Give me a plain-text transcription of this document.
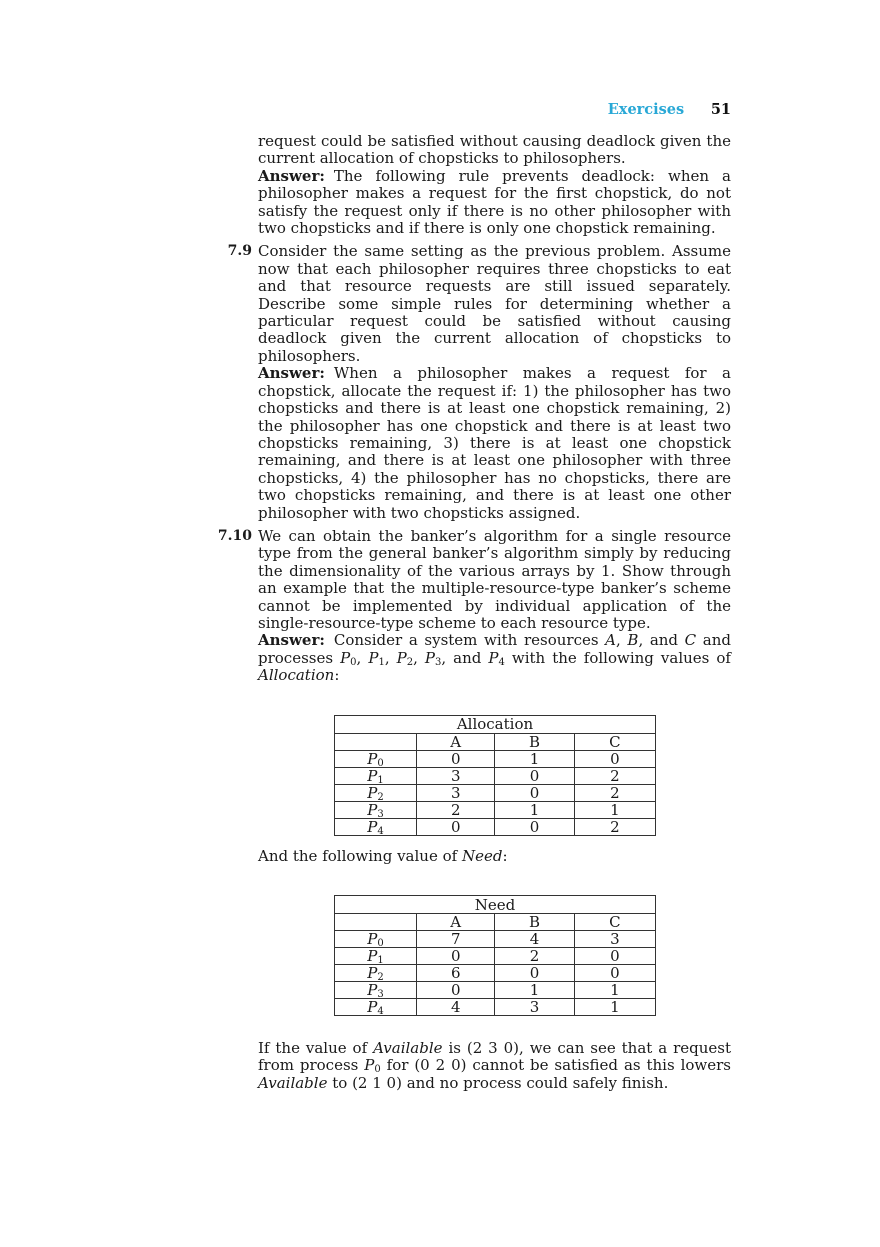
Exercises 51

request could be satisfied without causing deadlock given the current allocation of chopsticks to philosophers.

Answer: The following rule prevents deadlock: when a philosopher makes a request for the first chopstick, do not satisfy the request only if there is no other philosopher with two chopsticks and if there is only one chopstick remaining.

7.9 Consider the same setting as the previous problem. Assume now that each philosopher requires three chopsticks to eat and that resource requests are still issued separately. Describe some simple rules for determining whether a particular request could be satisfied without causing deadlock given the current allocation of chopsticks to philosophers.

Answer: When a philosopher makes a request for a chopstick, allocate the request if: 1) the philosopher has two chopsticks and there is at least one chopstick remaining, 2) the philosopher has one chopstick and there is at least two chopsticks remaining, 3) there is at least one chopstick remaining, and there is at least one philosopher with three chopsticks, 4) the philosopher has no chopsticks, there are two chopsticks remaining, and there is at least one other philosopher with two chopsticks assigned.

7.10 We can obtain the banker’s algorithm for a single resource type from the general banker’s algorithm simply by reducing the dimensionality of the various arrays by 1. Show through an example that the multiple-resource-type banker’s scheme cannot be implemented by individual application of the single-resource-type scheme to each resource type.

Answer: Consider a system with resources A, B, and C and processes $P_0$, $P_1$, $P_2$, $P_3$, and $P_4$ with the following values of Allocation:

Allocation			
	A	B	C
$P_0$	0	1	0
$P_1$	3	0	2
$P_2$	3	0	2
$P_3$	2	1	1
$P_4$	0	0	2

And the following value of Need:

Need			
	A	B	C
$P_0$	7	4	3
$P_1$	0	2	0
$P_2$	6	0	0
$P_3$	0	1	1
$P_4$	4	3	1

If the value of Available is (2 3 0), we can see that a request from process $P_0$ for (0 2 0) cannot be satisfied as this lowers Available to (2 1 0) and no process could safely finish.
